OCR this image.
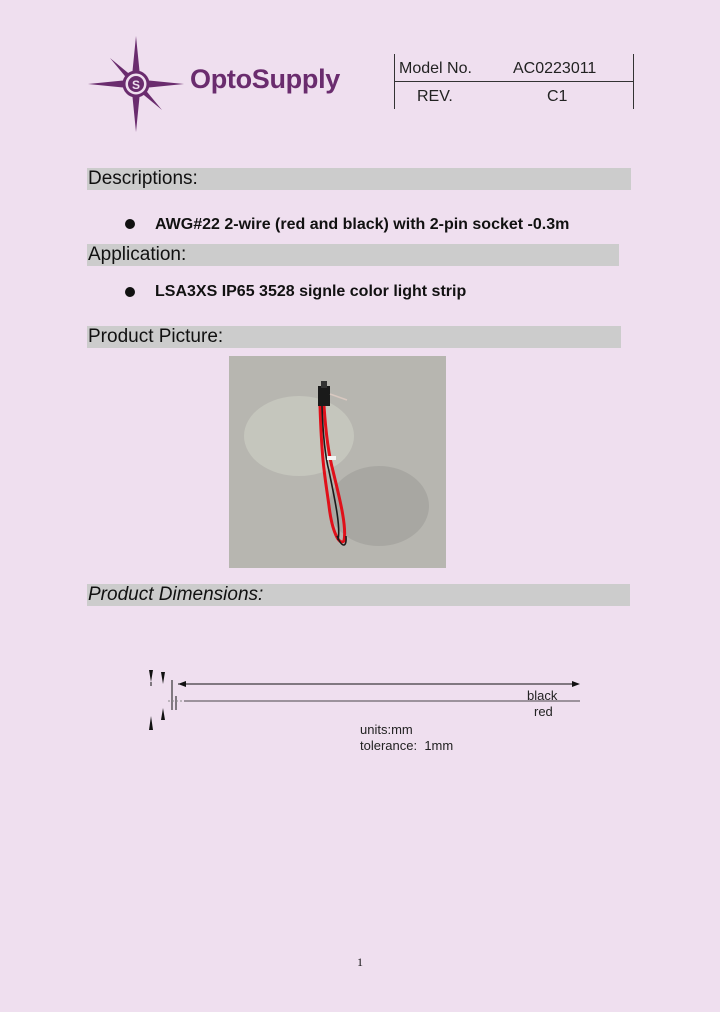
S OptoSupply	Model No.	AC0223011
REV.	C1
Descriptions:
AWG#22 2-wire (red and black) with 2-pin socket -0.3m
Application:
LSA3XS IP65 3528 signle color light strip
Product Picture:
Product Dimensions:
black
red
units:mm
tolerance:  1mm
1
